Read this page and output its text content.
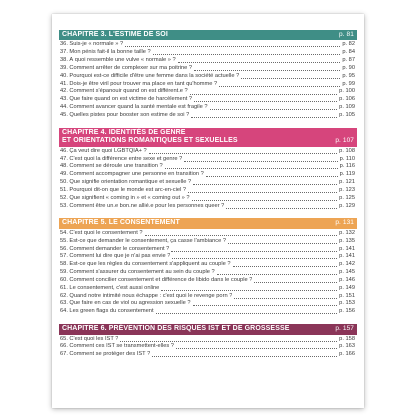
CHAPITRE 3. L'ESTIME DE SOI	p. 81
36. Suis-je « normale » ?	p. 82
37. Mon pénis fait-il la bonne taille ?	p. 84
38. À quoi ressemble une vulve « normale » ?	p. 87
39. Comment arrêter de complexer sur ma poitrine ?	p. 90
40. Pourquoi est-ce difficile d'être une femme dans la société actuelle ?	p. 95
41. Dois-je être viril pour trouver ma place en tant qu'homme ?	p. 99
42. Comment s'épanouir quand on est différent.e ?	p. 100
43. Que faire quand on est victime de harcèlement ?	p. 106
44. Comment avancer quand la santé mentale est fragile ?	p. 109
45. Quelles pistes pour booster son estime de soi ?	p. 105
CHAPITRE 4. IDENTITÉS DE GENRE
ET ORIENTATIONS ROMANTIQUES ET SEXUELLES	p. 107
46. Ça veut dire quoi LGBTQIA+ ?	p. 108
47. C'est quoi la différence entre sexe et genre ?	p. 110
48. Comment se déroule une transition ?	p. 116
49. Comment accompagner une personne en transition ?	p. 119
50. Que signifie orientation romantique et sexuelle ?	p. 121
51. Pourquoi dit-on que le monde est arc-en-ciel ?	p. 123
52. Que signifient « coming in » et « coming out » ?	p. 125
53. Comment être un.e bon.ne allié.e pour les personnes queer ?	p. 129
CHAPITRE 5. LE CONSENTEMENT	p. 131
54. C'est quoi le consentement ?	p. 132
55. Est-ce que demander le consentement, ça casse l'ambiance ?	p. 135
56. Comment demander le consentement ?	p. 141
57. Comment lui dire que je n'ai pas envie ?	p. 141
58. Est-ce que les règles du consentement s'appliquent au couple ?	p. 142
59. Comment s'assurer du consentement au sein du couple ?	p. 145
60. Comment concilier consentement et différence de libido dans le couple ?	p. 146
61. Le consentement, c'est aussi online	p. 149
62. Quand notre intimité nous échappe : c'est quoi le revenge porn ?	p. 151
63. Que faire en cas de viol ou agression sexuelle ?	p. 153
64. Les green flags du consentement	p. 156
CHAPITRE 6. PRÉVENTION DES RISQUES IST ET DE GROSSESSE	p. 157
65. C'est quoi les IST ?	p. 158
66. Comment ces IST se transmettent-elles ?	p. 163
67. Comment se protéger des IST ?	p. 166
